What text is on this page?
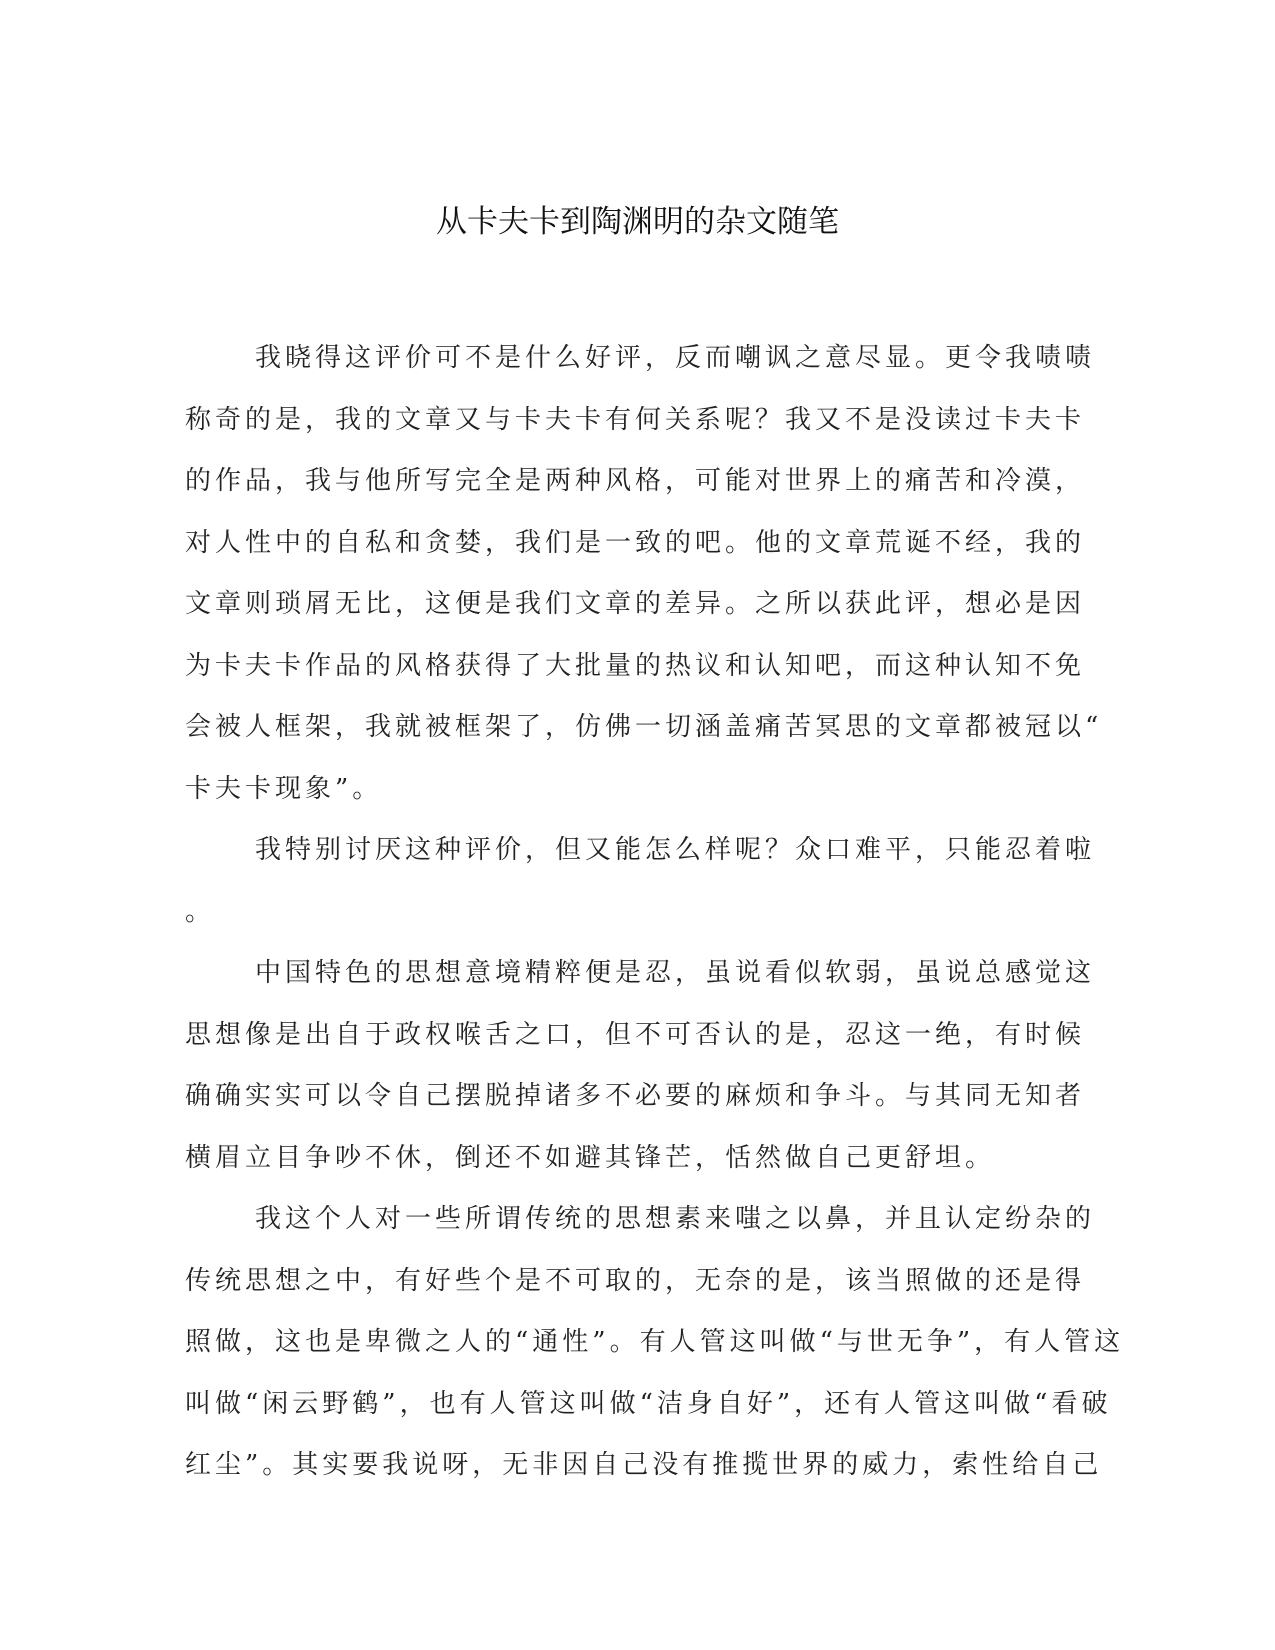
从卡夫卡到陶渊明的杂文随笔

我晓得这评价可不是什么好评，反而嘲讽之意尽显。更令我啧啧
称奇的是，我的文章又与卡夫卡有何关系呢？我又不是没读过卡夫卡
的作品，我与他所写完全是两种风格，可能对世界上的痛苦和冷漠，
对人性中的自私和贪婪，我们是一致的吧。他的文章荒诞不经，我的
文章则琐屑无比，这便是我们文章的差异。之所以获此评，想必是因
为卡夫卡作品的风格获得了大批量的热议和认知吧，而这种认知不免
会被人框架，我就被框架了，仿佛一切涵盖痛苦冥思的文章都被冠以“
卡夫卡现象”。

我特别讨厌这种评价，但又能怎么样呢？众口难平，只能忍着啦
。

中国特色的思想意境精粹便是忍，虽说看似软弱，虽说总感觉这
思想像是出自于政权喉舌之口，但不可否认的是，忍这一绝，有时候
确确实实可以令自己摆脱掉诸多不必要的麻烦和争斗。与其同无知者
横眉立目争吵不休，倒还不如避其锋芒，恬然做自己更舒坦。

我这个人对一些所谓传统的思想素来嗤之以鼻，并且认定纷杂的
传统思想之中，有好些个是不可取的，无奈的是，该当照做的还是得
照做，这也是卑微之人的“通性”。有人管这叫做“与世无争”，有人管这
叫做“闲云野鹤”，也有人管这叫做“洁身自好”，还有人管这叫做“看破
红尘”。其实要我说呀，无非因自己没有推揽世界的威力，索性给自己
